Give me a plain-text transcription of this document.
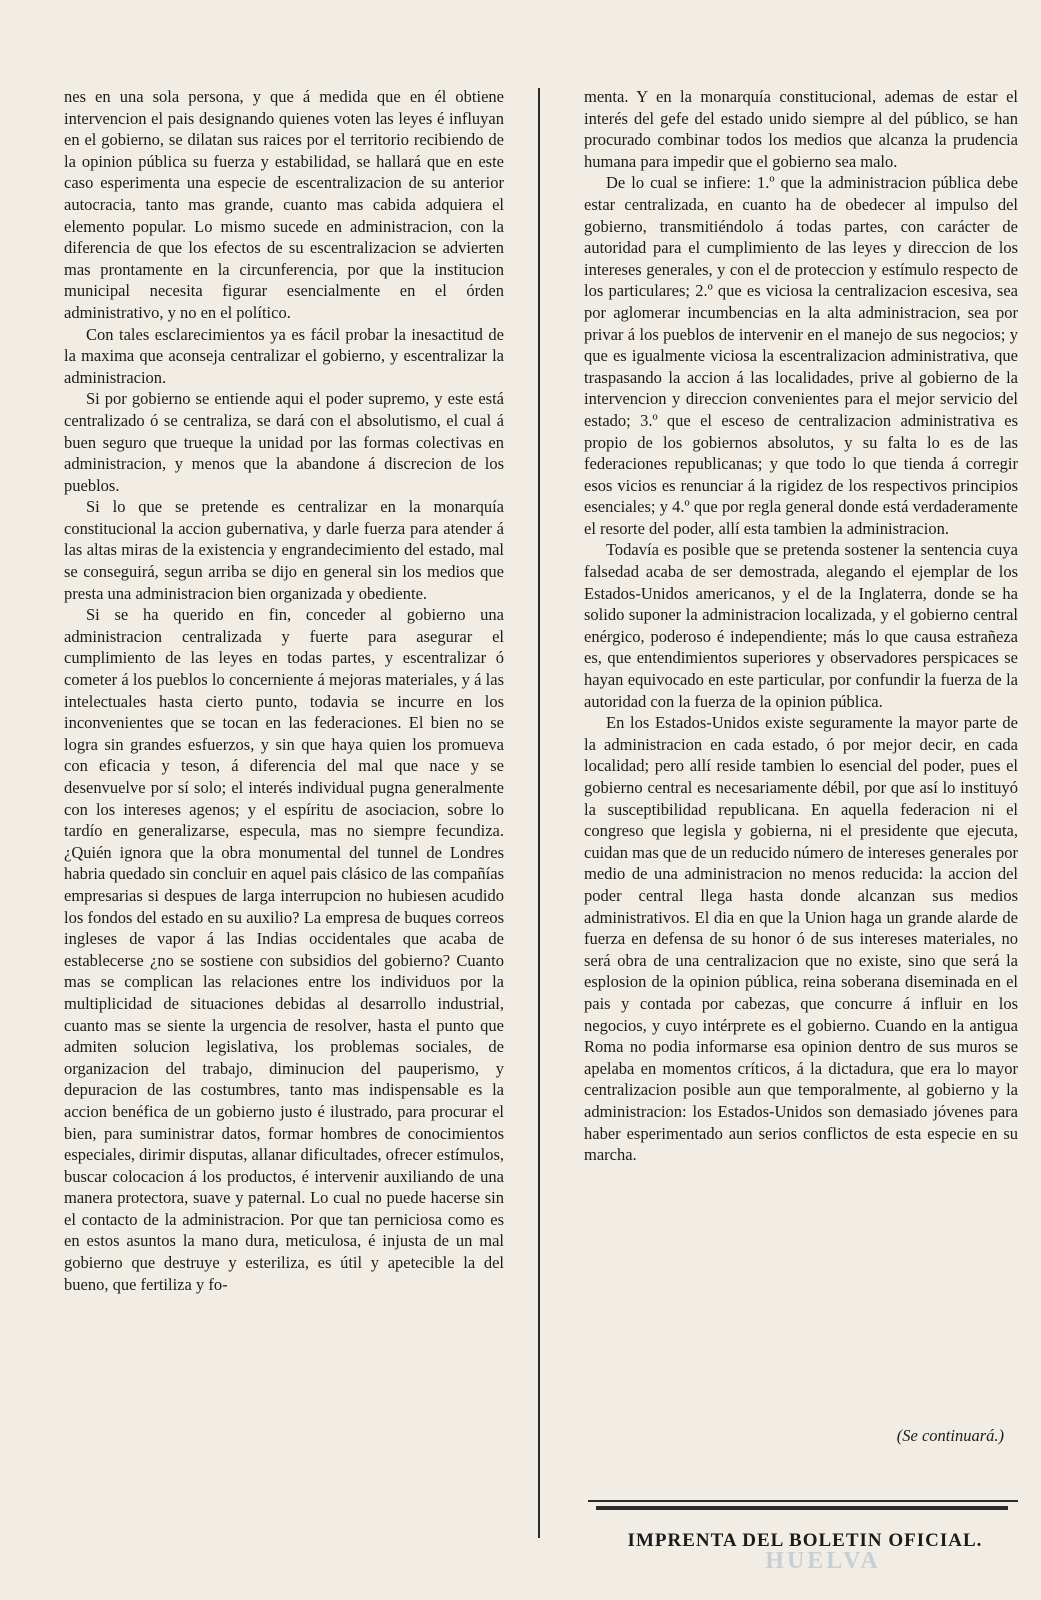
nes en una sola persona, y que á medida que en él obtiene intervencion el pais designando quienes voten las leyes é influyan en el gobierno, se dilatan sus raices por el territorio recibiendo de la opinion pública su fuerza y estabilidad, se hallará que en este caso esperimenta una especie de escentralizacion de su anterior autocracia, tanto mas grande, cuanto mas cabida adquiera el elemento popular. Lo mismo sucede en administracion, con la diferencia de que los efectos de su escentralizacion se advierten mas prontamente en la circunferencia, por que la institucion municipal necesita figurar esencialmente en el órden administrativo, y no en el político.

Con tales esclarecimientos ya es fácil probar la inesactitud de la maxima que aconseja centralizar el gobierno, y escentralizar la administracion.

Si por gobierno se entiende aqui el poder supremo, y este está centralizado ó se centraliza, se dará con el absolutismo, el cual á buen seguro que trueque la unidad por las formas colectivas en administracion, y menos que la abandone á discrecion de los pueblos.

Si lo que se pretende es centralizar en la monarquía constitucional la accion gubernativa, y darle fuerza para atender á las altas miras de la existencia y engrandecimiento del estado, mal se conseguirá, segun arriba se dijo en general sin los medios que presta una administracion bien organizada y obediente.

Si se ha querido en fin, conceder al gobierno una administracion centralizada y fuerte para asegurar el cumplimiento de las leyes en todas partes, y escentralizar ó cometer á los pueblos lo concerniente á mejoras materiales, y á las intelectuales hasta cierto punto, todavia se incurre en los inconvenientes que se tocan en las federaciones. El bien no se logra sin grandes esfuerzos, y sin que haya quien los promueva con eficacia y teson, á diferencia del mal que nace y se desenvuelve por sí solo; el interés individual pugna generalmente con los intereses agenos; y el espíritu de asociacion, sobre lo tardío en generalizarse, especula, mas no siempre fecundiza. ¿Quién ignora que la obra monumental del tunnel de Londres habria quedado sin concluir en aquel pais clásico de las compañías empresarias si despues de larga interrupcion no hubiesen acudido los fondos del estado en su auxilio? La empresa de buques correos ingleses de vapor á las Indias occidentales que acaba de establecerse ¿no se sostiene con subsidios del gobierno? Cuanto mas se complican las relaciones entre los individuos por la multiplicidad de situaciones debidas al desarrollo industrial, cuanto mas se siente la urgencia de resolver, hasta el punto que admiten solucion legislativa, los problemas sociales, de organizacion del trabajo, diminucion del pauperismo, y depuracion de las costumbres, tanto mas indispensable es la accion benéfica de un gobierno justo é ilustrado, para procurar el bien, para suministrar datos, formar hombres de conocimientos especiales, dirimir disputas, allanar dificultades, ofrecer estímulos, buscar colocacion á los productos, é intervenir auxiliando de una manera protectora, suave y paternal. Lo cual no puede hacerse sin el contacto de la administracion. Por que tan perniciosa como es en estos asuntos la mano dura, meticulosa, é injusta de un mal gobierno que destruye y esteriliza, es útil y apetecible la del bueno, que fertiliza y fo-

menta. Y en la monarquía constitucional, ademas de estar el interés del gefe del estado unido siempre al del público, se han procurado combinar todos los medios que alcanza la prudencia humana para impedir que el gobierno sea malo.

De lo cual se infiere: 1.º que la administracion pública debe estar centralizada, en cuanto ha de obedecer al impulso del gobierno, transmitiéndolo á todas partes, con carácter de autoridad para el cumplimiento de las leyes y direccion de los intereses generales, y con el de proteccion y estímulo respecto de los particulares; 2.º que es viciosa la centralizacion escesiva, sea por aglomerar incumbencias en la alta administracion, sea por privar á los pueblos de intervenir en el manejo de sus negocios; y que es igualmente viciosa la escentralizacion administrativa, que traspasando la accion á las localidades, prive al gobierno de la intervencion y direccion convenientes para el mejor servicio del estado; 3.º que el esceso de centralizacion administrativa es propio de los gobiernos absolutos, y su falta lo es de las federaciones republicanas; y que todo lo que tienda á corregir esos vicios es renunciar á la rigidez de los respectivos principios esenciales; y 4.º que por regla general donde está verdaderamente el resorte del poder, allí esta tambien la administracion.

Todavía es posible que se pretenda sostener la sentencia cuya falsedad acaba de ser demostrada, alegando el ejemplar de los Estados-Unidos americanos, y el de la Inglaterra, donde se ha solido suponer la administracion localizada, y el gobierno central enérgico, poderoso é independiente; más lo que causa estrañeza es, que entendimientos superiores y observadores perspicaces se hayan equivocado en este particular, por confundir la fuerza de la autoridad con la fuerza de la opinion pública.

En los Estados-Unidos existe seguramente la mayor parte de la administracion en cada estado, ó por mejor decir, en cada localidad; pero allí reside tambien lo esencial del poder, pues el gobierno central es necesariamente débil, por que así lo instituyó la susceptibilidad republicana. En aquella federacion ni el congreso que legisla y gobierna, ni el presidente que ejecuta, cuidan mas que de un reducido número de intereses generales por medio de una administracion no menos reducida: la accion del poder central llega hasta donde alcanzan sus medios administrativos. El dia en que la Union haga un grande alarde de fuerza en defensa de su honor ó de sus intereses materiales, no será obra de una centralizacion que no existe, sino que será la esplosion de la opinion pública, reina soberana diseminada en el pais y contada por cabezas, que concurre á influir en los negocios, y cuyo intérprete es el gobierno. Cuando en la antigua Roma no podia informarse esa opinion dentro de sus muros se apelaba en momentos críticos, á la dictadura, que era lo mayor centralizacion posible aun que temporalmente, al gobierno y la administracion: los Estados-Unidos son demasiado jóvenes para haber esperimentado aun serios conflictos de esta especie en su marcha.

(Se continuará.)
IMPRENTA DEL BOLETIN OFICIAL.
HUELVA
